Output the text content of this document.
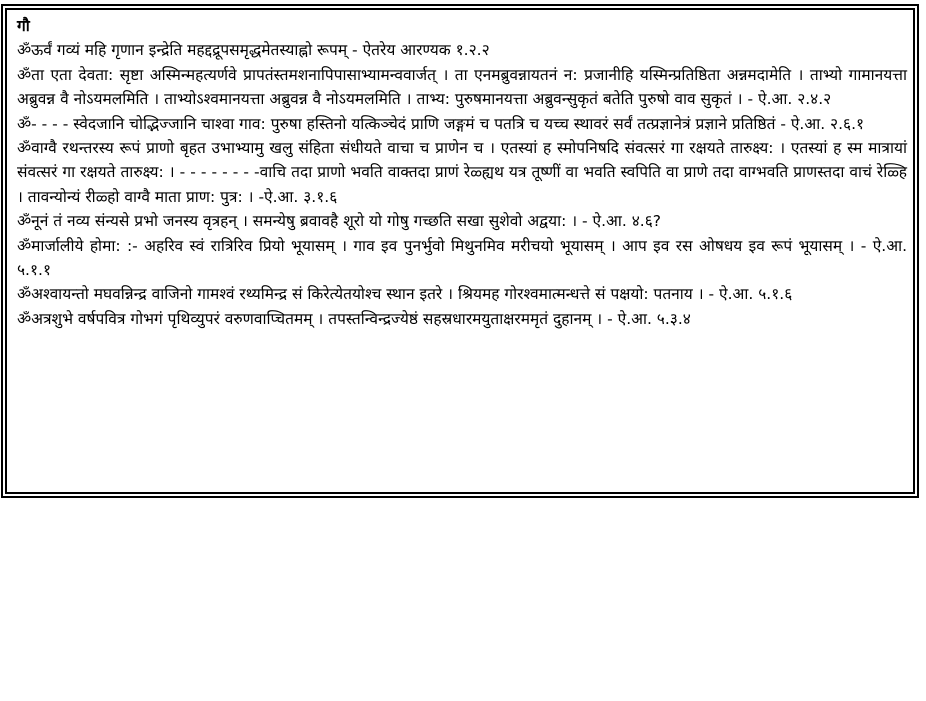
गौ

ॐऊर्वं गव्यं महि गृणान इन्द्रेति महद्दद्रूपसमृद्धमेतस्याह्नो रूपम् - ऐतरेय आरण्यक १.२.२

ॐता एता देवता: सृष्टा अस्मिन्महत्यर्णवे प्रापतंस्तमशनापिपासाभ्यामन्ववार्जत् । ता एनमब्रुवन्नायतनं न: प्रजानीहि यस्मिन्प्रतिष्ठिता अन्नमदामेति । ताभ्यो गामानयत्ता अब्रुवन्न वै नोऽयमलमिति । ताभ्योऽश्वमानयत्ता अब्रुवन्न वै नोऽयमलमिति । ताभ्य: पुरुषमानयत्ता अब्रुवन्सुकृतं बतेति पुरुषो वाव सुकृतं । - ऐ.आ. २.४.२

ॐ- - - - स्वेदजानि चोद्भिज्जानि चाश्वा गाव: पुरुषा हस्तिनो यत्किञ्चेदं प्राणि जङ्गमं च पतत्रि च यच्च स्थावरं सर्वं तत्प्रज्ञानेत्रं प्रज्ञाने प्रतिष्ठितं - ऐ.आ. २.६.१

ॐवाग्वै रथन्तरस्य रूपं प्राणो बृहत उभाभ्यामु खलु संहिता संधीयते वाचा च प्राणेन च । एतस्यां ह स्मोपनिषदि संवत्सरं गा रक्षयते तारुक्ष्य: । एतस्यां ह स्म मात्रायां संवत्सरं गा रक्षयते तारुक्ष्य: । - - - - - - - -वाचि तदा प्राणो भवति वाक्तदा प्राणं रेळ्ह्यथ यत्र तूष्णीं वा भवति स्वपिति वा प्राणे तदा वाग्भवति प्राणस्तदा वाचं रेळ्हि । तावन्योन्यं रीळ्हो वाग्वै माता प्राण: पुत्र: । -ऐ.आ. ३.१.६

ॐनूनं तं नव्य संन्यसे प्रभो जनस्य वृत्रहन् । समन्येषु ब्रवावहै शूरो यो गोषु गच्छति सखा सुशेवो अद्वया: । - ऐ.आ. ४.६?

ॐमार्जालीये होमा: :- अहरिव स्वं रात्रिरिव प्रियो भूयासम् । गाव इव पुनर्भुवो मिथुनमिव मरीचयो भूयासम् । आप इव रस ओषधय इव रूपं भूयासम् । - ऐ.आ. ५.१.१

ॐअश्वायन्तो मघवन्निन्द्र वाजिनो गामश्वं रथ्यमिन्द्र सं किरेत्येतयोश्च स्थान इतरे । श्रियमह गोरश्वमात्मन्धत्ते सं पक्षयो: पतनाय । - ऐ.आ. ५.१.६

ॐअत्रशुभे वर्षपवित्र गोभगं पृथिव्युपरं वरुणवाप्चितमम् । तपस्तन्विन्द्रज्येष्ठं सहस्रधारमयुताक्षरममृतं दुहानम् । - ऐ.आ. ५.३.४
